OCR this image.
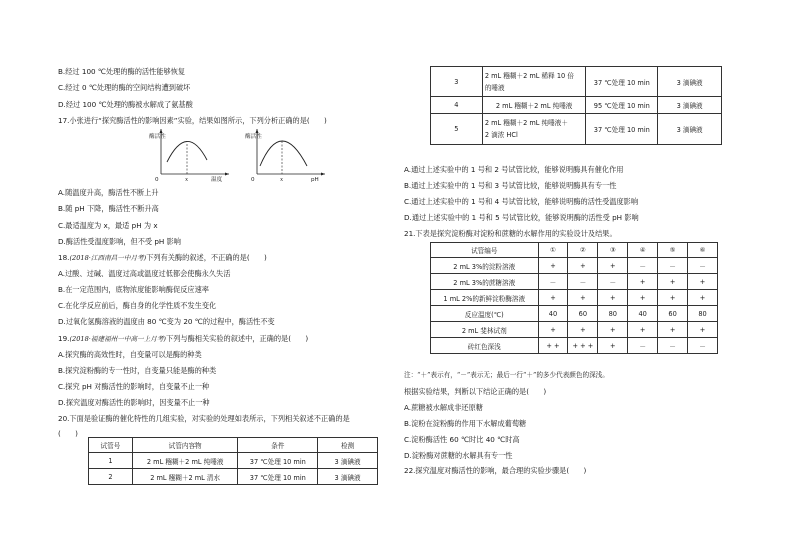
B.经过 100 ℃处理的酶的活性能够恢复
C.经过 0 ℃处理的酶的空间结构遭到破坏
D.经过 100 ℃处理的酶被水解成了氨基酸
17.小张进行“探究酶活性的影响因素”实验，结果如图所示，下列分析正确的是(　　)
酶活性
0	x	温度
酶活性
0	x	pH
A.随温度升高，酶活性不断上升
B.随 pH 下降，酶活性不断升高
C.最适温度为 x，最适 pH 为 x
D.酶活性受温度影响，但不受 pH 影响
18.(2018·江西南昌一中月考)下列有关酶的叙述，不正确的是(　　)
A.过酸、过碱、温度过高或温度过低都会使酶永久失活
B.在一定范围内，底物浓度能影响酶促反应速率
C.在化学反应前后，酶自身的化学性质不发生变化
D.过氧化氢酶溶液的温度由 80 ℃变为 20 ℃的过程中，酶活性不变
19.(2018·福建福州一中高一上月考)下列与酶相关实验的叙述中，正确的是(　　)
A.探究酶的高效性时，自变量可以是酶的种类
B.探究淀粉酶的专一性时，自变量只能是酶的种类
C.探究 pH 对酶活性的影响时，自变量不止一种
D.探究温度对酶活性的影响时，因变量不止一种
20.下面是验证酶的催化特性的几组实验，对实验的处理如表所示，下列相关叙述不正确的是
(　　)
试管号	试管内容物	条件	检测
1	2 mL 糨糊＋2 mL 纯唾液	37 ℃处理 10 min	3 滴碘液
2	2 mL 糨糊＋2 mL 清水	37 ℃处理 10 min	3 滴碘液
3	2 mL 糨糊＋2 mL 稀释 10 倍
的唾液	37 ℃处理 10 min	3 滴碘液
4	2 mL 糨糊＋2 mL 纯唾液	95 ℃处理 10 min	3 滴碘液
5	2 mL 糨糊＋2 mL 纯唾液＋
2 滴浓 HCl	37 ℃处理 10 min	3 滴碘液
A.通过上述实验中的 1 号和 2 号试管比较，能够说明酶具有催化作用
B.通过上述实验中的 1 号和 3 号试管比较，能够说明酶具有专一性
C.通过上述实验中的 1 号和 4 号试管比较，能够说明酶的活性受温度影响
D.通过上述实验中的 1 号和 5 号试管比较，能够说明酶的活性受 pH 影响
21.下表是探究淀粉酶对淀粉和蔗糖的水解作用的实验设计及结果。
试管编号	①	②	③	④	⑤	⑥
2 mL 3%的淀粉溶液	+	+	+	－	－	－
2 mL 3%的蔗糖溶液	－	－	－	+	+	+
1 mL 2%的新鲜淀粉酶溶液	+	+	+	+	+	+
反应温度(℃)	40	60	80	40	60	80
2 mL 斐林试剂	+	+	+	+	+	+
砖红色深浅	+ +	+ + +	+	－	－	－
注：“＋”表示有，“－”表示无；最后一行“＋”的多少代表颜色的深浅。
根据实验结果，判断以下结论正确的是(　　)
A.蔗糖被水解成非还原糖
B.淀粉在淀粉酶的作用下水解成葡萄糖
C.淀粉酶活性 60 ℃时比 40 ℃时高
D.淀粉酶对蔗糖的水解具有专一性
22.探究温度对酶活性的影响，最合理的实验步骤是(　　)
